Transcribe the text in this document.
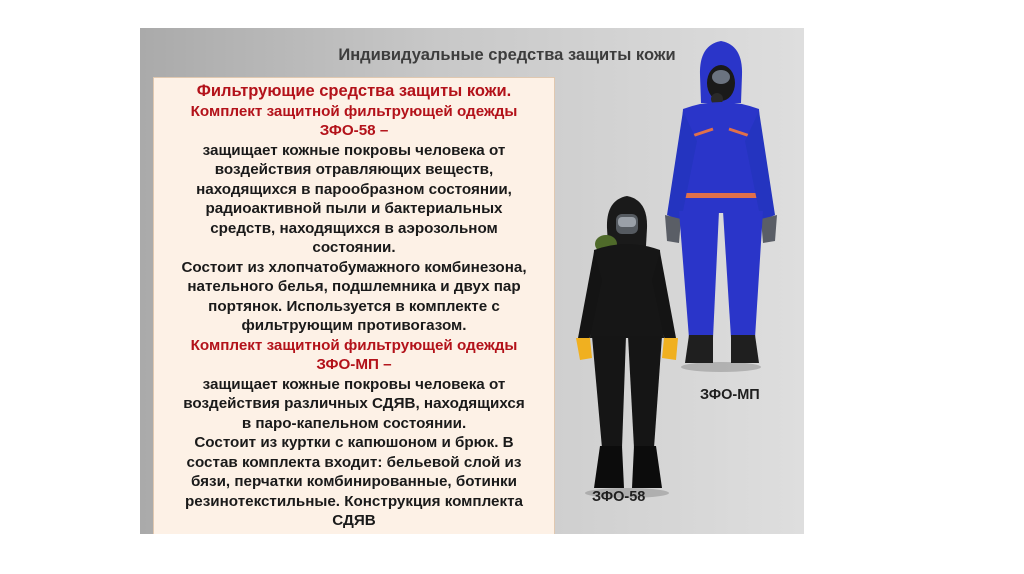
Индивидуальные средства защиты кожи
Фильтрующие средства защиты кожи.
Комплект защитной фильтрующей одежды
ЗФО-58 –
защищает кожные покровы человека от
воздействия отравляющих веществ,
находящихся в парообразном состоянии,
радиоактивной пыли и бактериальных
средств, находящихся в аэрозольном
состоянии.
Состоит из хлопчатобумажного комбинезона,
нательного белья, подшлемника и двух пар
портянок. Используется в комплекте с
фильтрующим противогазом.
Комплект защитной фильтрующей одежды
ЗФО-МП –
защищает кожные покровы человека от
воздействия различных СДЯВ, находящихся
в паро-капельном состоянии.
Состоит из куртки с капюшоном и брюк. В
состав комплекта входит: бельевой слой из
бязи, перчатки комбинированные, ботинки
резинотекстильные. Конструкция комплекта
СДЯВ
ЗФО-58
ЗФО-МП
